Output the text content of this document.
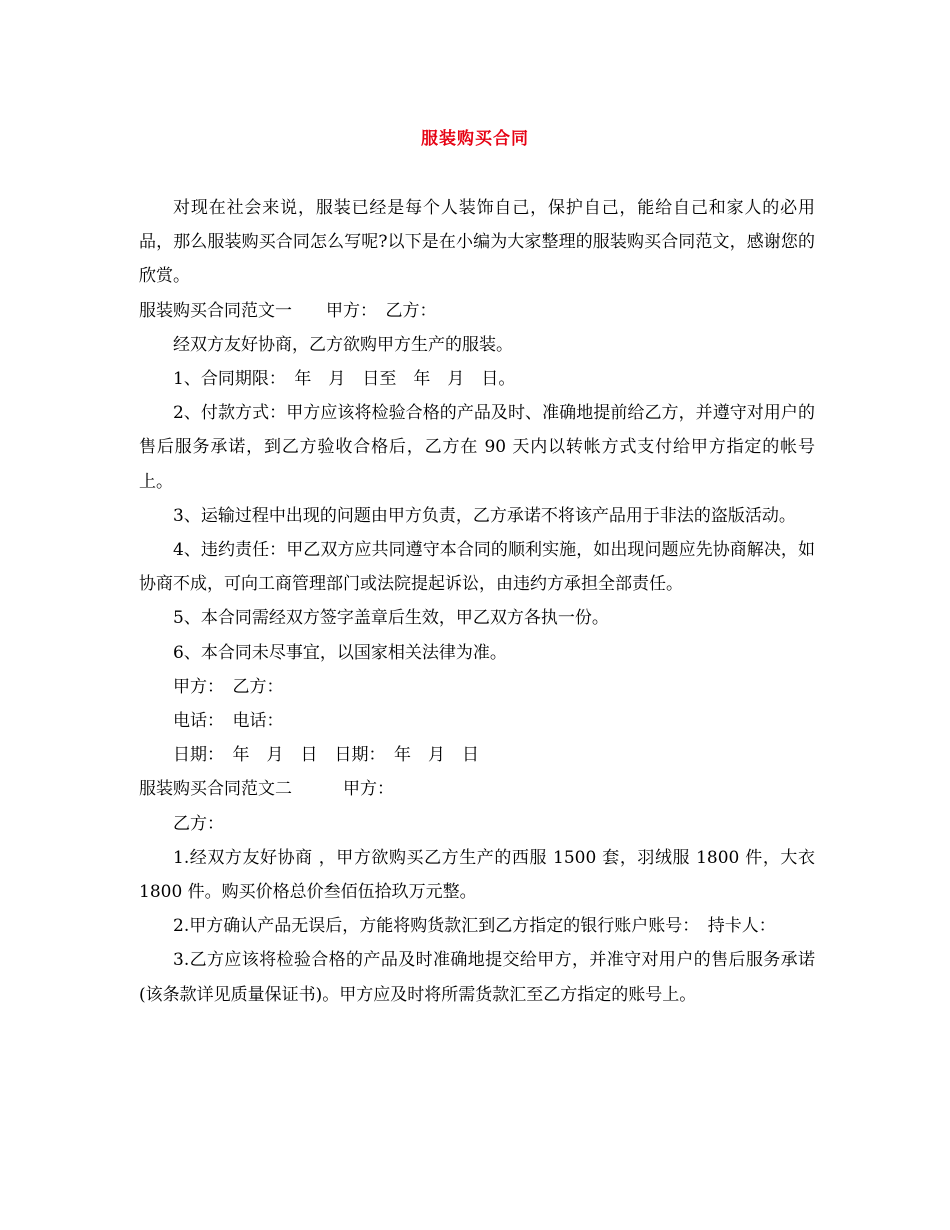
服装购买合同

对现在社会来说，服装已经是每个人装饰自己，保护自己，能给自己和家人的必用品，那么服装购买合同怎么写呢?以下是在小编为大家整理的服装购买合同范文，感谢您的欣赏。

服装购买合同范文一　　甲方：　乙方：

经双方友好协商，乙方欲购甲方生产的服装。

1、合同期限：　年　月　日至　年　月　日。

2、付款方式：甲方应该将检验合格的产品及时、准确地提前给乙方，并遵守对用户的售后服务承诺，到乙方验收合格后，乙方在 90 天内以转帐方式支付给甲方指定的帐号上。

3、运输过程中出现的问题由甲方负责，乙方承诺不将该产品用于非法的盗版活动。

4、违约责任：甲乙双方应共同遵守本合同的顺利实施，如出现问题应先协商解决，如协商不成，可向工商管理部门或法院提起诉讼，由违约方承担全部责任。

5、本合同需经双方签字盖章后生效，甲乙双方各执一份。

6、本合同未尽事宜，以国家相关法律为准。

甲方：　乙方：

电话：　电话：

日期：　年　月　日　日期：　年　月　日

服装购买合同范文二　　　甲方：

乙方：

1.经双方友好协商 ，甲方欲购买乙方生产的西服 1500 套，羽绒服 1800 件，大衣 1800 件。购买价格总价叁佰伍拾玖万元整。

2.甲方确认产品无误后，方能将购货款汇到乙方指定的银行账户账号：　持卡人：

3.乙方应该将检验合格的产品及时准确地提交给甲方，并准守对用户的售后服务承诺(该条款详见质量保证书)。甲方应及时将所需货款汇至乙方指定的账号上。
